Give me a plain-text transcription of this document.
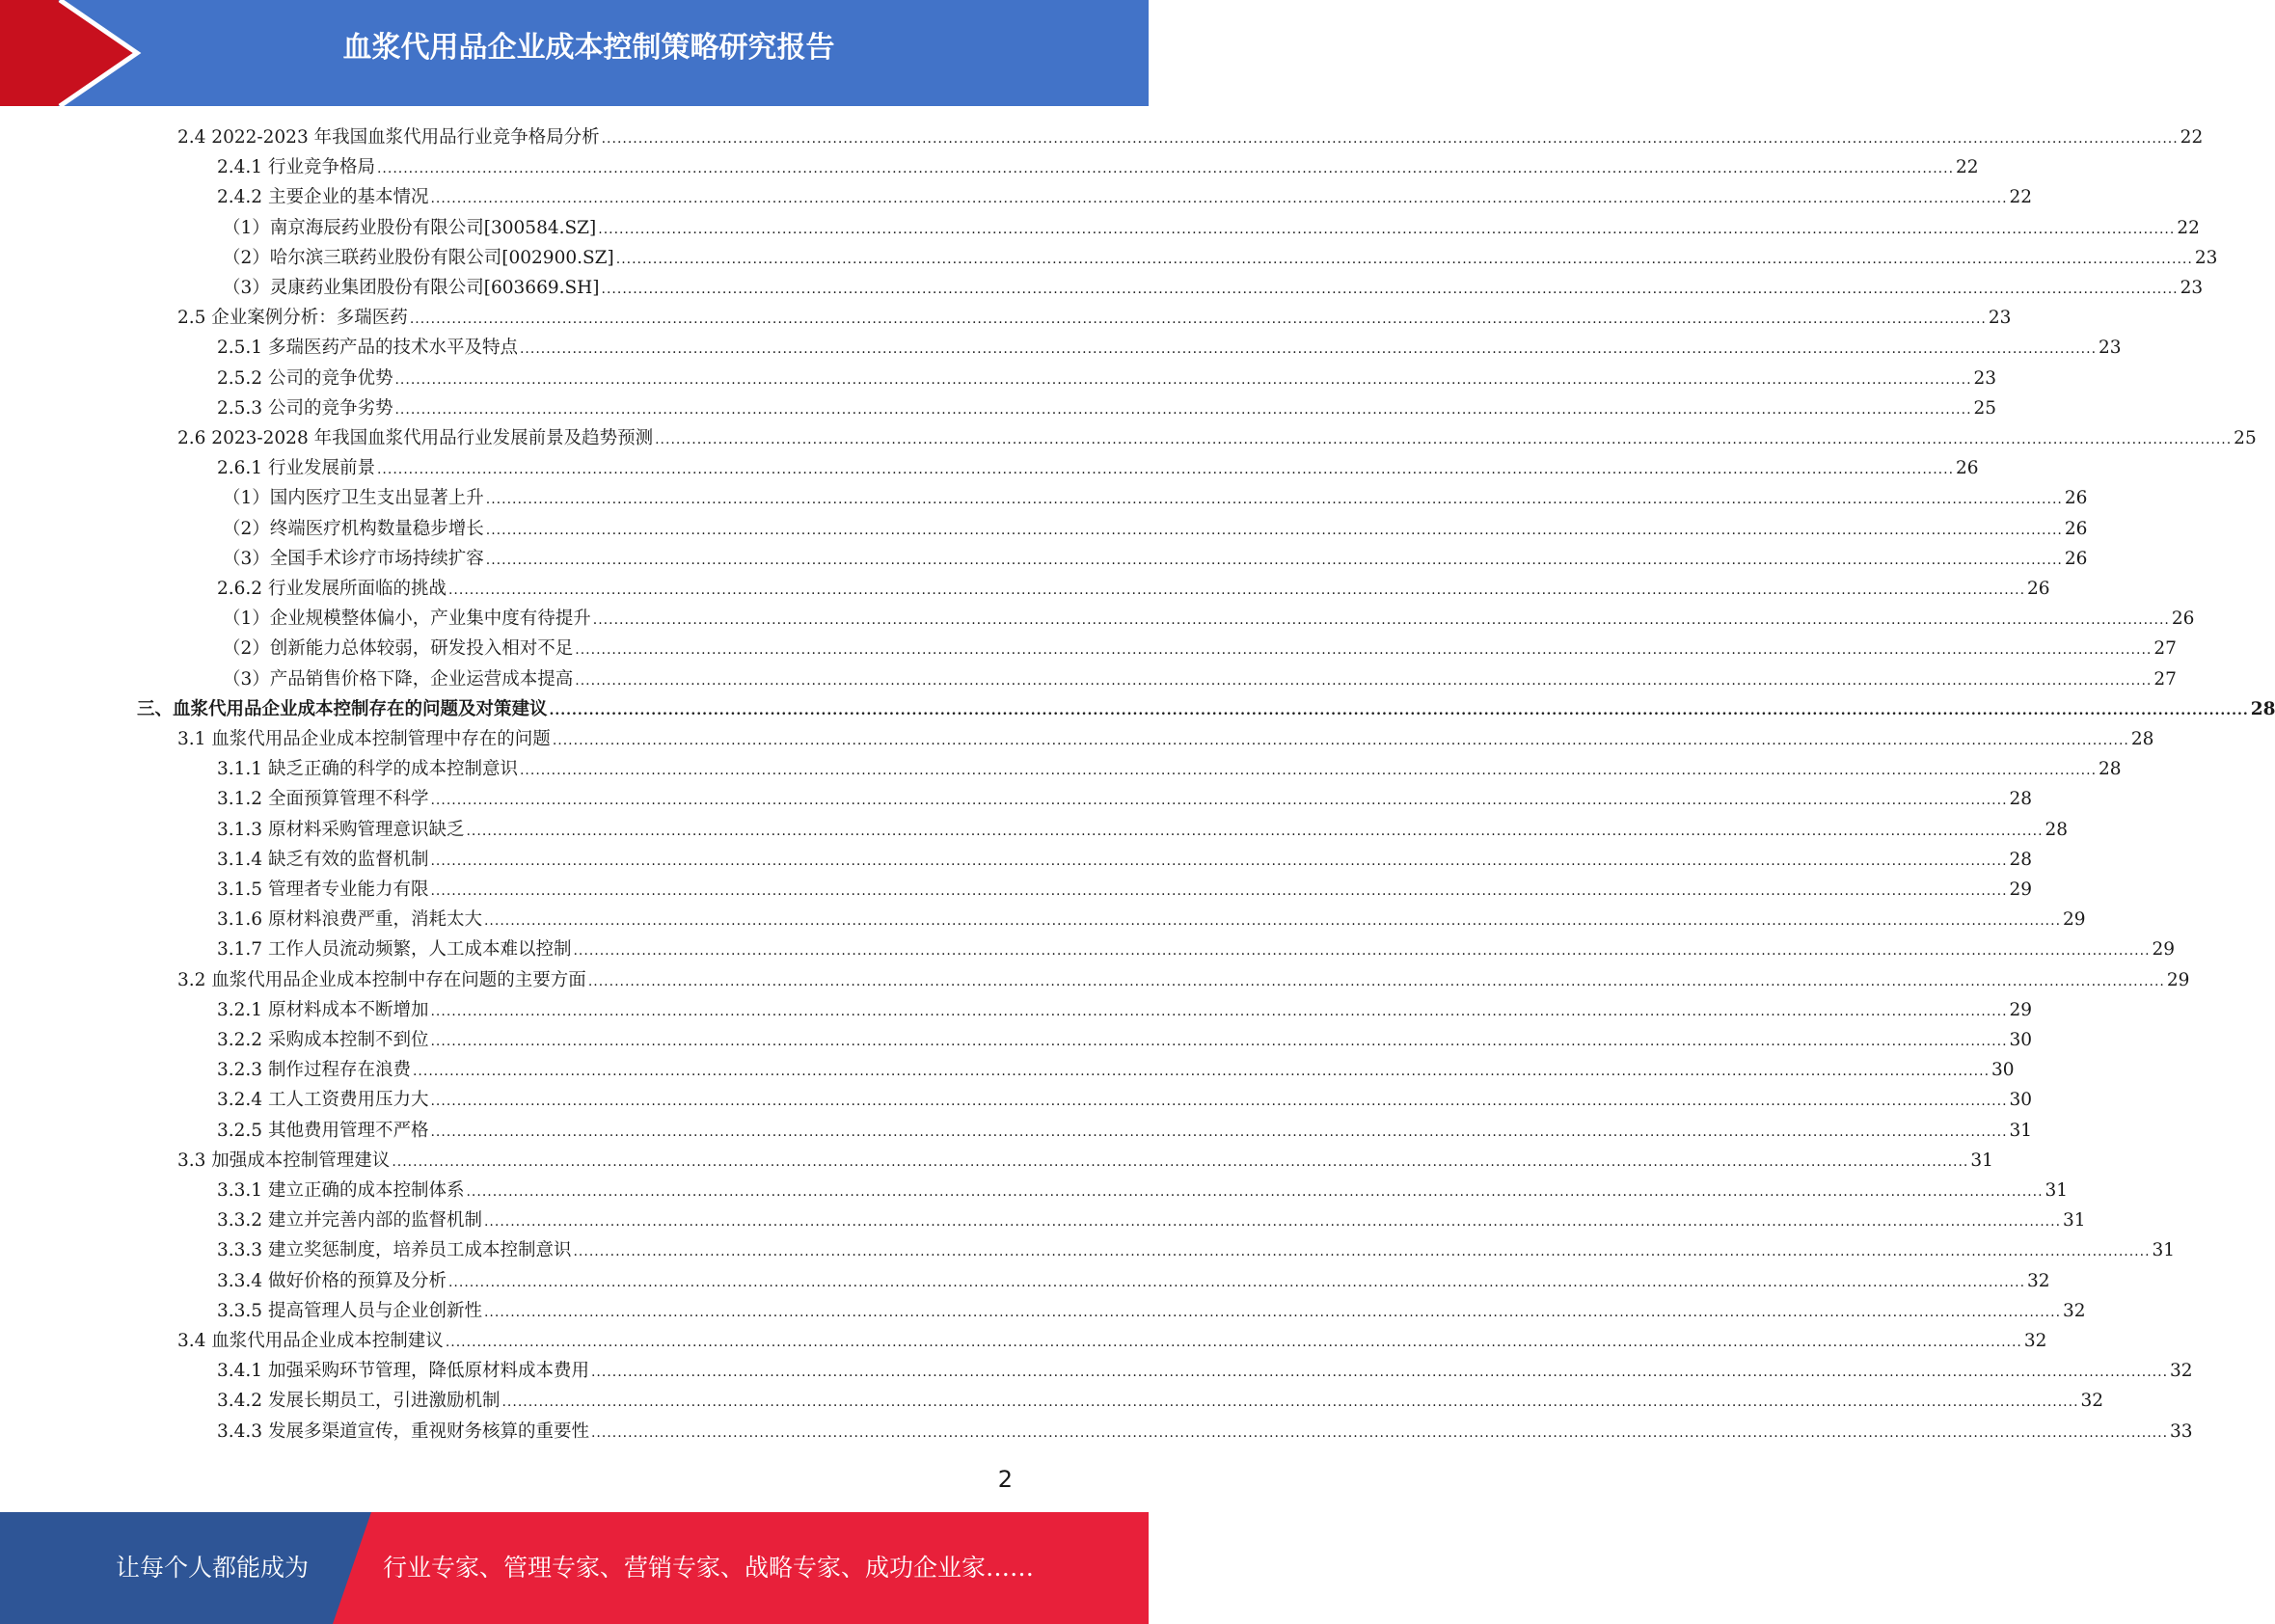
血浆代用品企业成本控制策略研究报告
2.4 2022-2023 年我国血浆代用品行业竞争格局分析 ............................................................................................................................................................................................................................................................................................................ 22
2.4.1 行业竞争格局 ............................................................................................................................................................................................................................................................................................................ 22
2.4.2 主要企业的基本情况 ............................................................................................................................................................................................................................................................................................................ 22
（1）南京海辰药业股份有限公司[300584.SZ] ............................................................................................................................................................................................................................................................................................................ 22
（2）哈尔滨三联药业股份有限公司[002900.SZ] ............................................................................................................................................................................................................................................................................................................ 23
（3）灵康药业集团股份有限公司[603669.SH] ............................................................................................................................................................................................................................................................................................................ 23
2.5 企业案例分析：多瑞医药 ............................................................................................................................................................................................................................................................................................................ 23
2.5.1 多瑞医药产品的技术水平及特点 ............................................................................................................................................................................................................................................................................................................ 23
2.5.2 公司的竞争优势 ............................................................................................................................................................................................................................................................................................................ 23
2.5.3 公司的竞争劣势 ............................................................................................................................................................................................................................................................................................................ 25
2.6 2023-2028 年我国血浆代用品行业发展前景及趋势预测 ............................................................................................................................................................................................................................................................................................................ 25
2.6.1 行业发展前景 ............................................................................................................................................................................................................................................................................................................ 26
（1）国内医疗卫生支出显著上升 ............................................................................................................................................................................................................................................................................................................ 26
（2）终端医疗机构数量稳步增长 ............................................................................................................................................................................................................................................................................................................ 26
（3）全国手术诊疗市场持续扩容 ............................................................................................................................................................................................................................................................................................................ 26
2.6.2 行业发展所面临的挑战 ............................................................................................................................................................................................................................................................................................................ 26
（1）企业规模整体偏小，产业集中度有待提升 ............................................................................................................................................................................................................................................................................................................ 26
（2）创新能力总体较弱，研发投入相对不足 ............................................................................................................................................................................................................................................................................................................ 27
（3）产品销售价格下降，企业运营成本提高 ............................................................................................................................................................................................................................................................................................................ 27
三、血浆代用品企业成本控制存在的问题及对策建议 ............................................................................................................................................................................................................................................................................................................ 28
3.1 血浆代用品企业成本控制管理中存在的问题 ............................................................................................................................................................................................................................................................................................................ 28
3.1.1 缺乏正确的科学的成本控制意识 ............................................................................................................................................................................................................................................................................................................ 28
3.1.2 全面预算管理不科学 ............................................................................................................................................................................................................................................................................................................ 28
3.1.3 原材料采购管理意识缺乏 ............................................................................................................................................................................................................................................................................................................ 28
3.1.4 缺乏有效的监督机制 ............................................................................................................................................................................................................................................................................................................ 28
3.1.5 管理者专业能力有限 ............................................................................................................................................................................................................................................................................................................ 29
3.1.6 原材料浪费严重，消耗太大 ............................................................................................................................................................................................................................................................................................................ 29
3.1.7 工作人员流动频繁，人工成本难以控制 ............................................................................................................................................................................................................................................................................................................ 29
3.2 血浆代用品企业成本控制中存在问题的主要方面 ............................................................................................................................................................................................................................................................................................................ 29
3.2.1 原材料成本不断增加 ............................................................................................................................................................................................................................................................................................................ 29
3.2.2 采购成本控制不到位 ............................................................................................................................................................................................................................................................................................................ 30
3.2.3 制作过程存在浪费 ............................................................................................................................................................................................................................................................................................................ 30
3.2.4 工人工资费用压力大 ............................................................................................................................................................................................................................................................................................................ 30
3.2.5 其他费用管理不严格 ............................................................................................................................................................................................................................................................................................................ 31
3.3 加强成本控制管理建议 ............................................................................................................................................................................................................................................................................................................ 31
3.3.1 建立正确的成本控制体系 ............................................................................................................................................................................................................................................................................................................ 31
3.3.2 建立并完善内部的监督机制 ............................................................................................................................................................................................................................................................................................................ 31
3.3.3 建立奖惩制度，培养员工成本控制意识 ............................................................................................................................................................................................................................................................................................................ 31
3.3.4 做好价格的预算及分析 ............................................................................................................................................................................................................................................................................................................ 32
3.3.5 提高管理人员与企业创新性 ............................................................................................................................................................................................................................................................................................................ 32
3.4 血浆代用品企业成本控制建议 ............................................................................................................................................................................................................................................................................................................ 32
3.4.1 加强采购环节管理，降低原材料成本费用 ............................................................................................................................................................................................................................................................................................................ 32
3.4.2 发展长期员工，引进激励机制 ............................................................................................................................................................................................................................................................................................................ 32
3.4.3 发展多渠道宣传，重视财务核算的重要性 ............................................................................................................................................................................................................................................................................................................ 33
2
让每个人都能成为	行业专家、管理专家、营销专家、战略专家、成功企业家……
